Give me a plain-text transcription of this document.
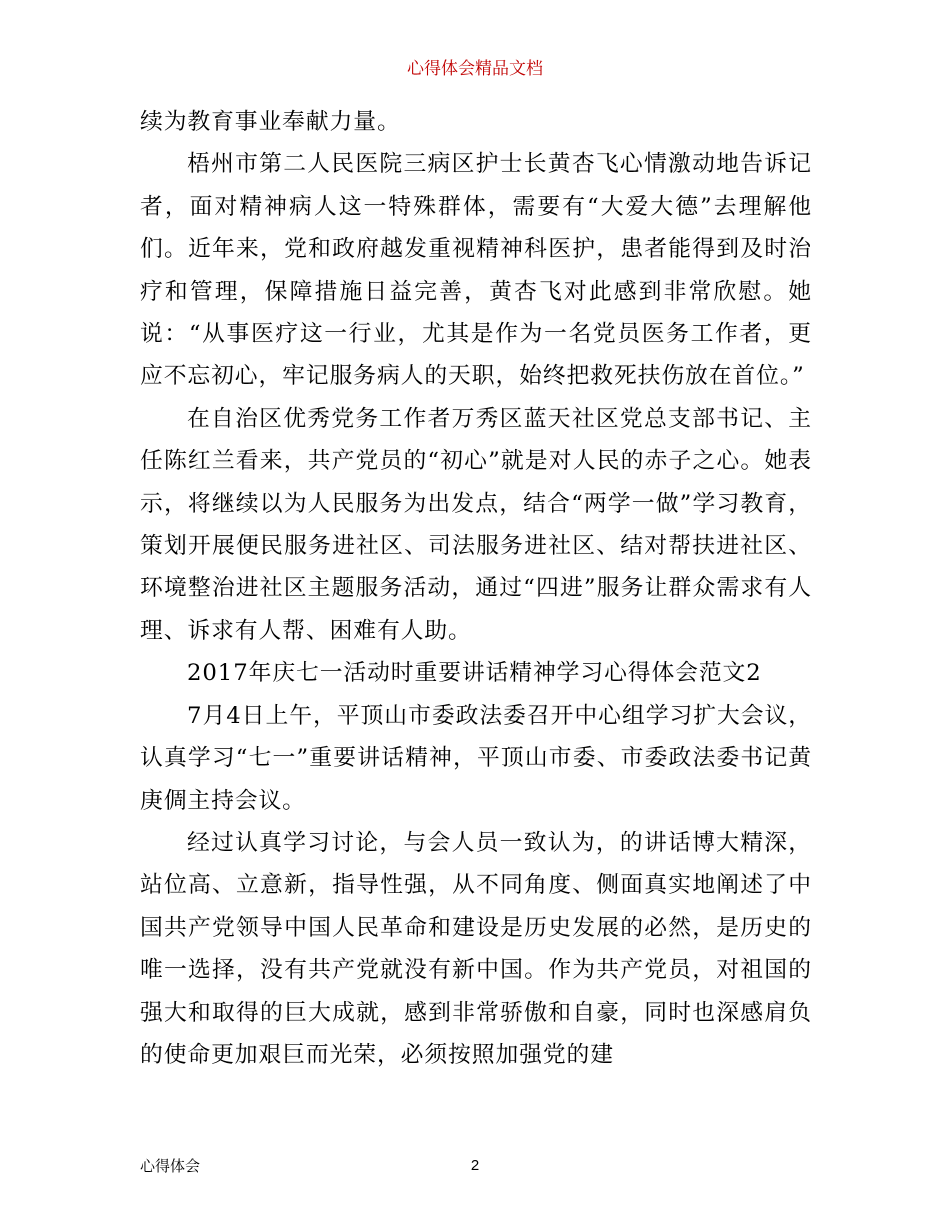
心得体会精品文档

续为教育事业奉献力量。

梧州市第二人民医院三病区护士长黄杏飞心情激动地告诉记者，面对精神病人这一特殊群体，需要有“大爱大德”去理解他们。近年来，党和政府越发重视精神科医护，患者能得到及时治疗和管理，保障措施日益完善，黄杏飞对此感到非常欣慰。她说：“从事医疗这一行业，尤其是作为一名党员医务工作者，更应不忘初心，牢记服务病人的天职，始终把救死扶伤放在首位。”

在自治区优秀党务工作者万秀区蓝天社区党总支部书记、主任陈红兰看来，共产党员的“初心”就是对人民的赤子之心。她表示，将继续以为人民服务为出发点，结合“两学一做”学习教育，策划开展便民服务进社区、司法服务进社区、结对帮扶进社区、环境整治进社区主题服务活动，通过“四进”服务让群众需求有人理、诉求有人帮、困难有人助。

2017年庆七一活动时重要讲话精神学习心得体会范文2

7月4日上午，平顶山市委政法委召开中心组学习扩大会议，认真学习“七一”重要讲话精神，平顶山市委、市委政法委书记黄庚倜主持会议。

经过认真学习讨论，与会人员一致认为，的讲话博大精深，站位高、立意新，指导性强，从不同角度、侧面真实地阐述了中国共产党领导中国人民革命和建设是历史发展的必然，是历史的唯一选择，没有共产党就没有新中国。作为共产党员，对祖国的强大和取得的巨大成就，感到非常骄傲和自豪，同时也深感肩负的使命更加艰巨而光荣，必须按照加强党的建

心得体会	2
